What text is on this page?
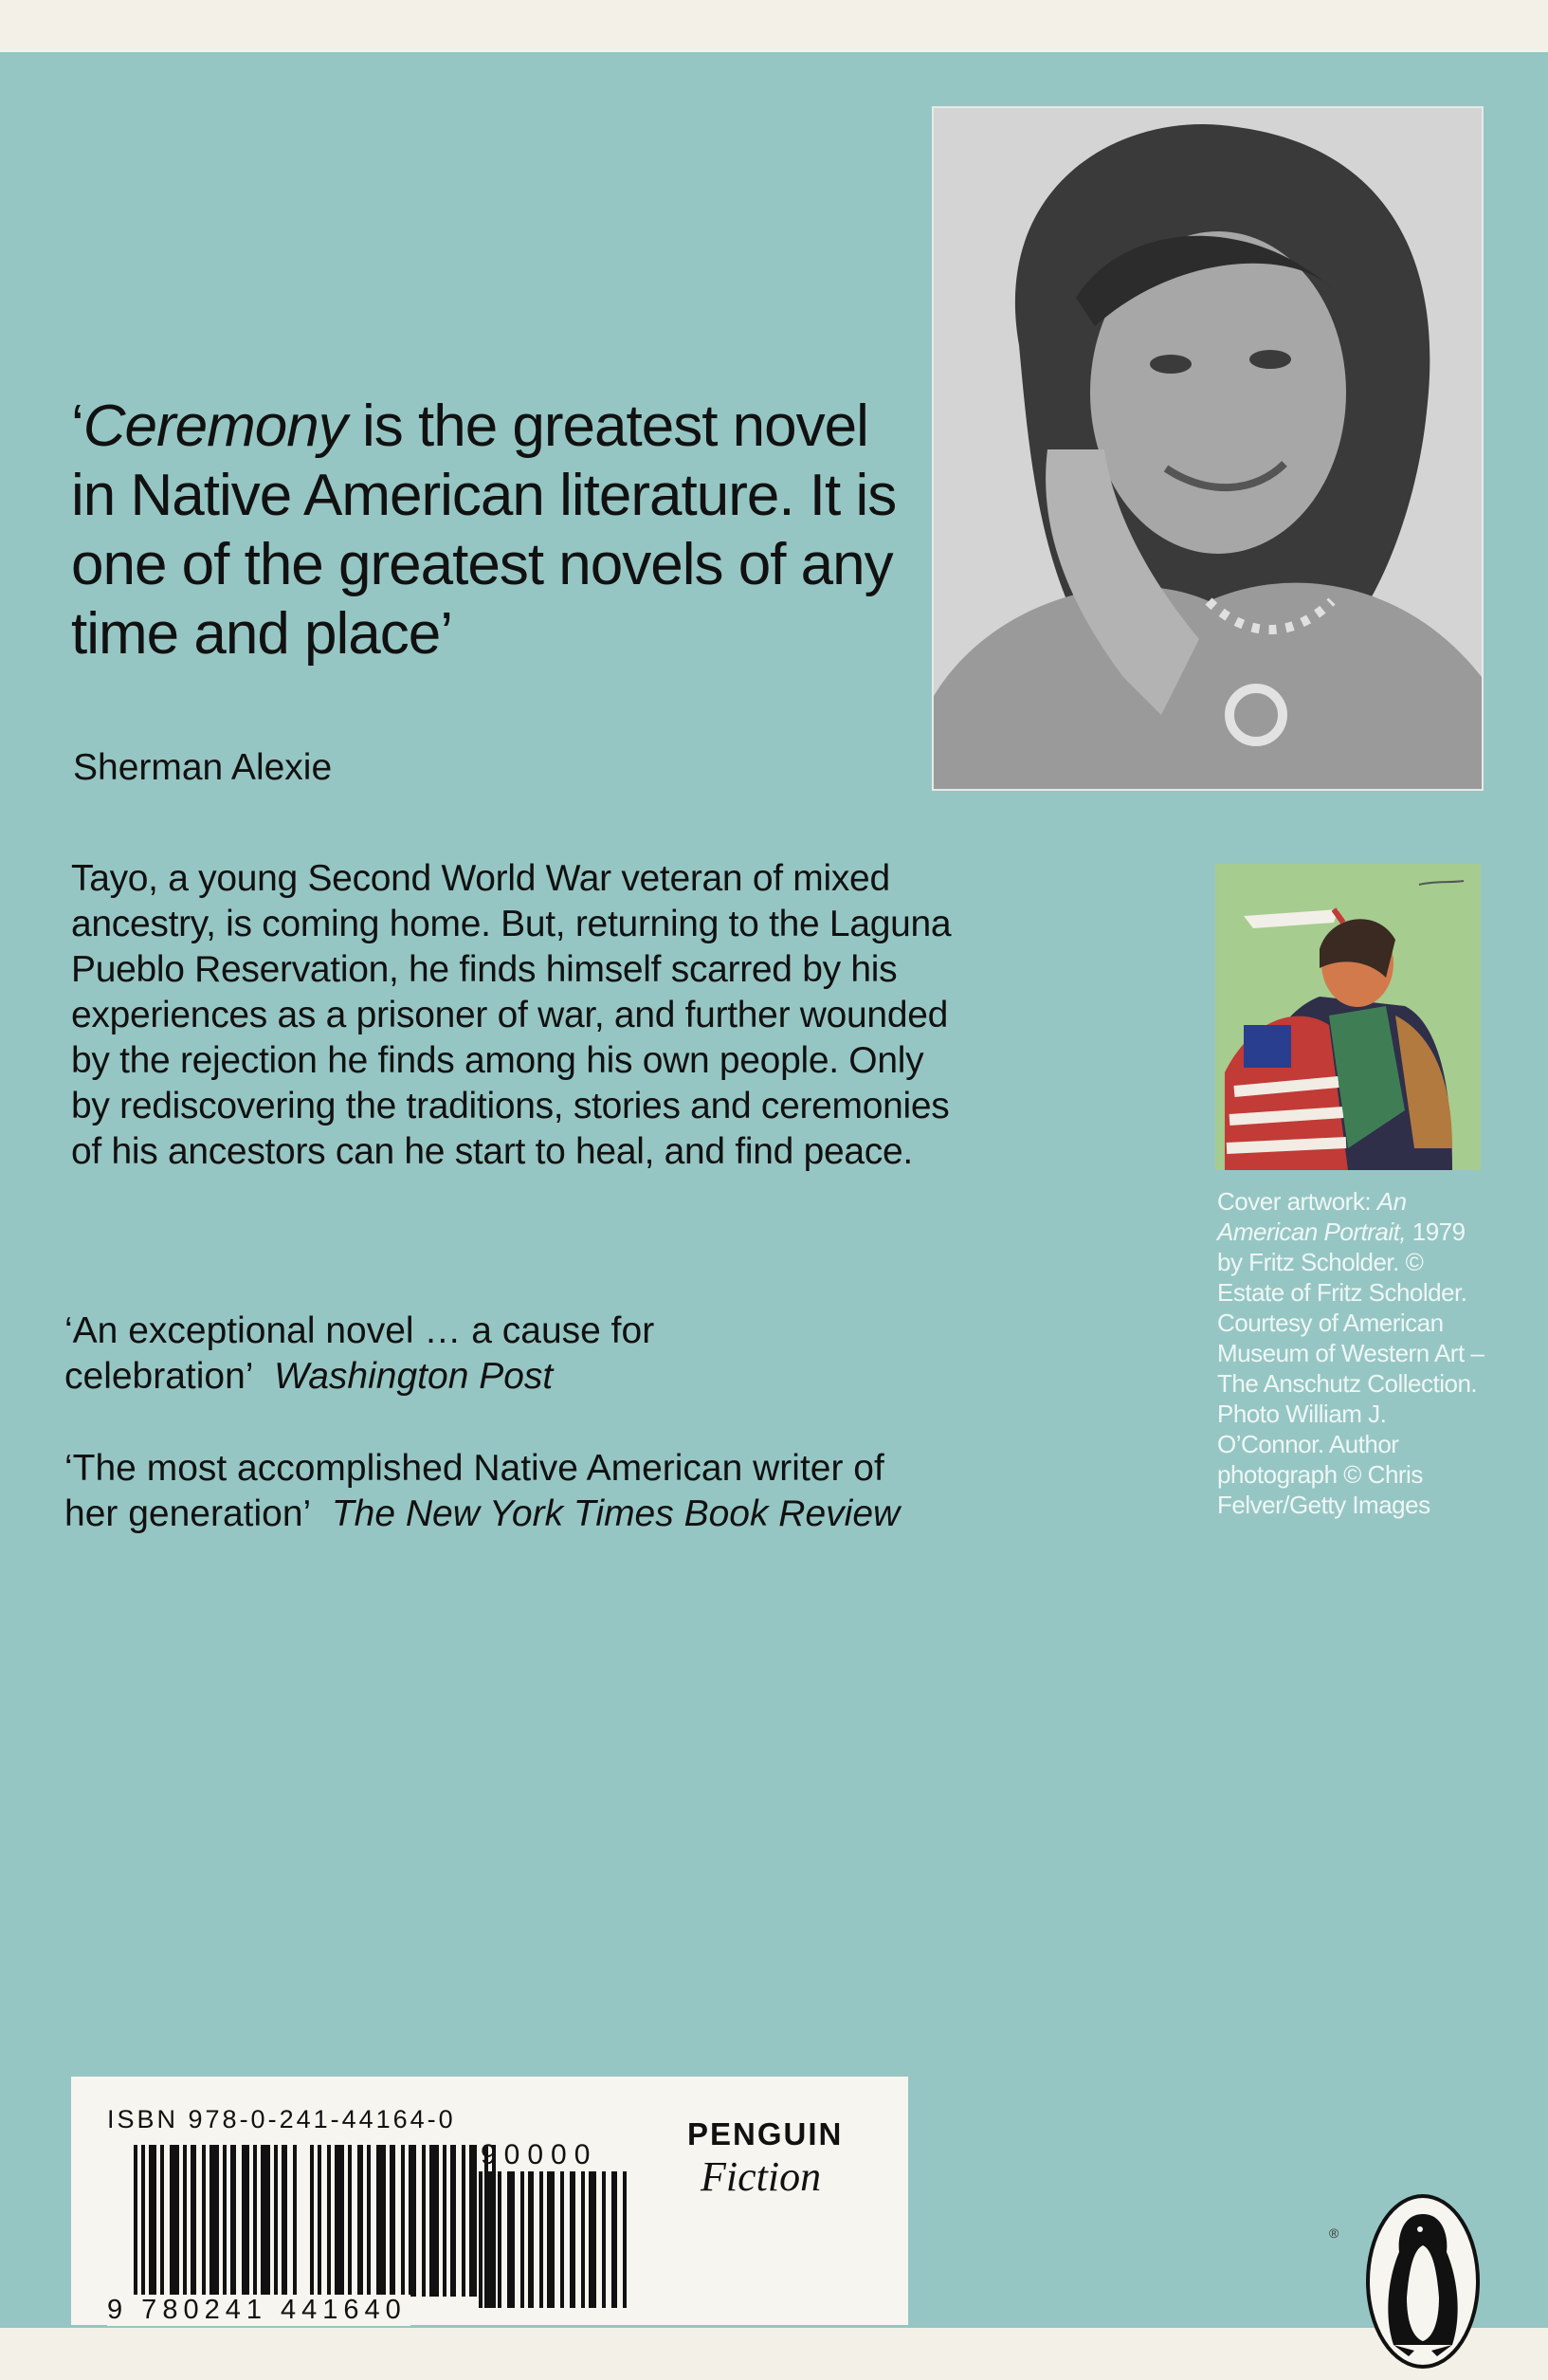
‘Ceremony is the greatest novel in Native American literature. It is one of the greatest novels of any time and place’
Sherman Alexie
Tayo, a young Second World War veteran of mixed ancestry, is coming home. But, returning to the Laguna Pueblo Reservation, he finds himself scarred by his experiences as a prisoner of war, and further wounded by the rejection he finds among his own people. Only by rediscovering the traditions, stories and ceremonies of his ancestors can he start to heal, and find peace.
‘An exceptional novel … a cause for celebration’ Washington Post
‘The most accomplished Native American writer of her generation’ The New York Times Book Review
Cover artwork: An American Portrait, 1979 by Fritz Scholder. © Estate of Fritz Scholder. Courtesy of American Museum of Western Art – The Anschutz Collection. Photo William J. O’Connor. Author photograph © Chris Felver/Getty Images
®
ISBN 978-0-241-44164-0
90000
9 780241 441640
PENGUIN
Fiction
